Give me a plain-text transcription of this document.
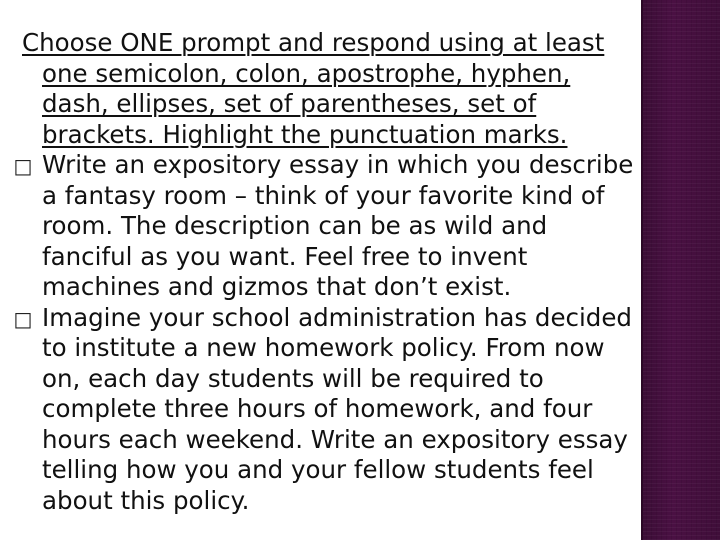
Choose ONE prompt and respond using at least one semicolon, colon, apostrophe, hyphen, dash, ellipses, set of parentheses, set of brackets. Highlight the punctuation marks.

□ Write an expository essay in which you describe a fantasy room – think of your favorite kind of room. The description can be as wild and fanciful as you want. Feel free to invent machines and gizmos that don’t exist.
□ Imagine your school administration has decided to institute a new homework policy. From now on, each day students will be required to complete three hours of homework, and four hours each weekend. Write an expository essay telling how you and your fellow students feel about this policy.
